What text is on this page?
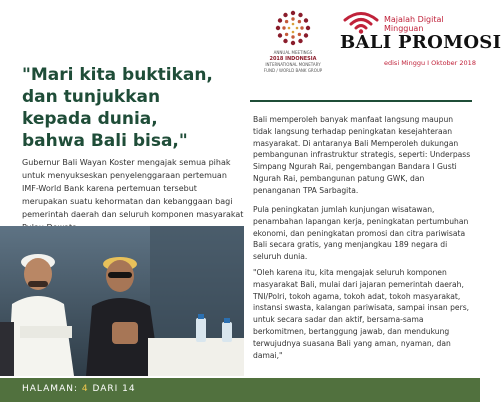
ANNUAL MEETINGS
2018 INDONESIA
INTERNATIONAL MONETARY FUND / WORLD BANK GROUP
Majalah Digital Mingguan
BALI PROMOSI
edisi Minggu I Oktober 2018
"Mari kita buktikan,
dan tunjukkan
kepada dunia,
bahwa Bali bisa,"

Gubernur Bali Wayan Koster mengajak semua pihak untuk menyukseskan penyelenggaraan pertemuan IMF-World Bank karena pertemuan tersebut merupakan suatu kehormatan dan kebanggaan bagi pemerintah daerah dan seluruh komponen masyarakat

Bali memperoleh banyak manfaat langsung maupun tidak langsung terhadap peningkatan kesejahteraan masyarakat. Di antaranya Bali Memperoleh dukungan pembangunan infrastruktur strategis, seperti: Underpass Simpang Ngurah Rai, pengembangan Bandara I Gusti Ngurah Rai, pembangunan patung GWK, dan penanganan TPA Sarbagita.

Pula peningkatan jumlah kunjungan wisatawan, penambahan lapangan kerja, peningkatan pertumbuhan ekonomi, dan peningkatan promosi dan citra pariwisata Bali secara gratis, yang menjangkau 189 negara di seluruh dunia.

"Oleh karena itu, kita mengajak seluruh komponen masyarakat Bali, mulai dari jajaran pemerintah daerah, TNI/Polri, tokoh agama, tokoh adat, tokoh masyarakat, instansi swasta, kalangan pariwisata, sampai insan pers, untuk secara sadar dan aktif, bersama-sama berkomitmen, bertanggung jawab, dan mendukung terwujudnya suasana Bali yang aman, nyaman, dan damai,"

HALAMAN: 4 DARI 14
